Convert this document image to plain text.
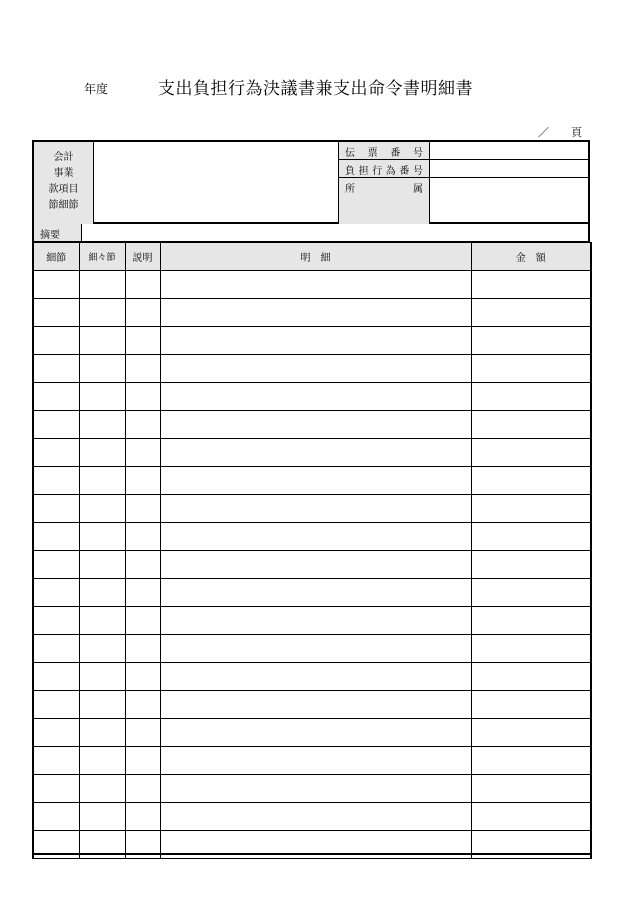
年度	支出負担行為決議書兼支出命令書明細書
／ 頁
会計
事業
款項目
節細節
伝 票 番 号
負 担 行 為 番 号
所	属
摘要
細節	細々節	説明	明　細	金　額
